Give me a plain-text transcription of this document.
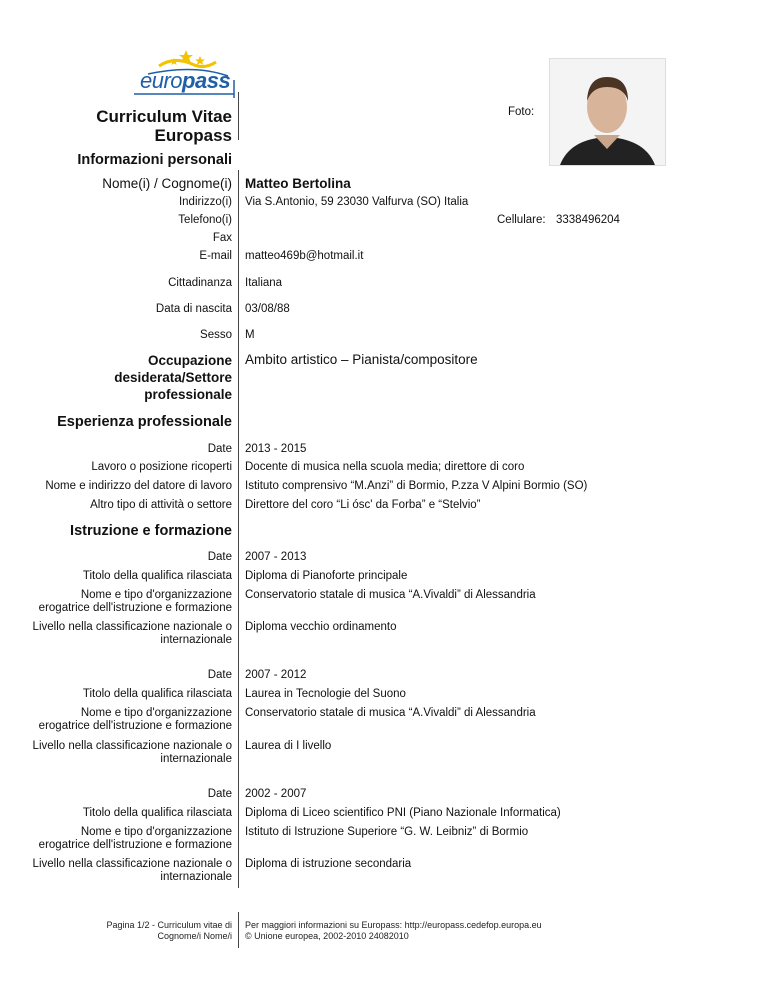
europass
Curriculum Vitae
Europass
Foto:
Informazioni personali
Nome(i) / Cognome(i) Matteo Bertolina
Indirizzo(i) Via S.Antonio, 59 23030 Valfurva (SO) Italia
Telefono(i)	Cellulare: 3338496204
Fax
E-mail matteo469b@hotmail.it
Cittadinanza Italiana
Data di nascita 03/08/88
Sesso M
Occupazione
desiderata/Settore
professionale
Ambito artistico – Pianista/compositore
Esperienza professionale
Date 2013 - 2015
Lavoro o posizione ricoperti Docente di musica nella scuola media; direttore di coro
Nome e indirizzo del datore di lavoro Istituto comprensivo “M.Anzi” di Bormio, P.zza V Alpini Bormio (SO)
Altro tipo di attività o settore Direttore del coro “Li ósc' da Forba” e “Stelvio”
Istruzione e formazione
Date 2007 - 2013
Titolo della qualifica rilasciata Diploma di Pianoforte principale
Nome e tipo d'organizzazione
erogatrice dell'istruzione e formazione
Conservatorio statale di musica “A.Vivaldi” di Alessandria
Livello nella classificazione nazionale o
internazionale
Diploma vecchio ordinamento
Date 2007 - 2012
Titolo della qualifica rilasciata Laurea in Tecnologie del Suono
Nome e tipo d'organizzazione
erogatrice dell'istruzione e formazione
Conservatorio statale di musica “A.Vivaldi” di Alessandria
Livello nella classificazione nazionale o
internazionale
Laurea di I livello
Date 2002 - 2007
Titolo della qualifica rilasciata Diploma di Liceo scientifico PNI (Piano Nazionale Informatica)
Nome e tipo d'organizzazione
erogatrice dell'istruzione e formazione
Istituto di Istruzione Superiore “G. W. Leibniz” di Bormio
Livello nella classificazione nazionale o
internazionale
Diploma di istruzione secondaria
Pagina 1/2 - Curriculum vitae di
Cognome/i Nome/i
Per maggiori informazioni su Europass: http://europass.cedefop.europa.eu
© Unione europea, 2002-2010 24082010
